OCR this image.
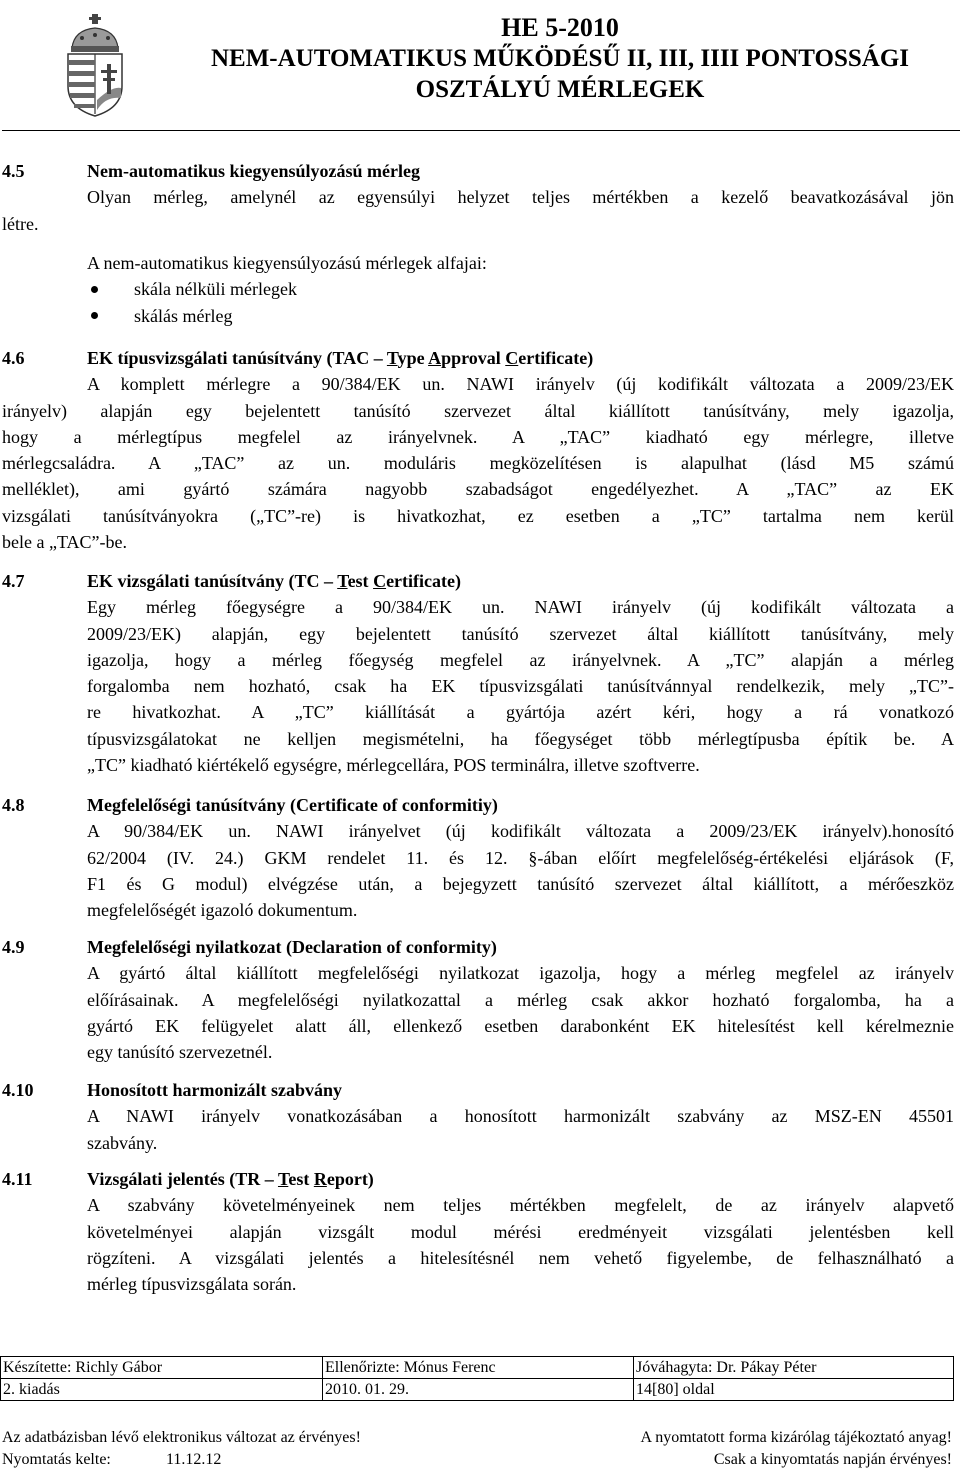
HE 5-2010
NEM-AUTOMATIKUS MŰKÖDÉSŰ II, III, IIII PONTOSSÁGI
OSZTÁLYÚ MÉRLEGEK
4.5	Nem-automatikus kiegyensúlyozású mérleg
Olyan mérleg, amelynél az egyensúlyi helyzet teljes mértékben a kezelő beavatkozásával jön
létre.
A nem-automatikus kiegyensúlyozású mérlegek alfajai:
skála nélküli mérlegek
skálás mérleg
4.6	EK típusvizsgálati tanúsítvány (TAC – Type Approval Certificate)
A komplett mérlegre a 90/384/EK un. NAWI irányelv (új kodifikált változata a 2009/23/EK
irányelv) alapján egy bejelentett tanúsító szervezet által kiállított tanúsítvány, mely igazolja,
hogy a mérlegtípus megfelel az irányelvnek. A „TAC” kiadható egy mérlegre, illetve
mérlegcsaládra. A „TAC” az un. moduláris megközelítésen is alapulhat (lásd M5 számú
melléklet), ami gyártó számára nagyobb szabadságot engedélyezhet. A „TAC” az EK
vizsgálati tanúsítványokra („TC”-re) is hivatkozhat, ez esetben a „TC” tartalma nem kerül
bele a „TAC”-be.
4.7	EK vizsgálati tanúsítvány (TC – Test Certificate)
Egy mérleg főegységre a 90/384/EK un. NAWI irányelv (új kodifikált változata a
2009/23/EK) alapján, egy bejelentett tanúsító szervezet által kiállított tanúsítvány, mely
igazolja, hogy a mérleg főegység megfelel az irányelvnek. A „TC” alapján a mérleg
forgalomba nem hozható, csak ha EK típusvizsgálati tanúsítvánnyal rendelkezik, mely „TC”-
re hivatkozhat. A „TC” kiállítását a gyártója azért kéri, hogy a rá vonatkozó
típusvizsgálatokat ne kelljen megismételni, ha főegységet több mérlegtípusba építik be. A
„TC” kiadható kiértékelő egységre, mérlegcellára, POS terminálra, illetve szoftverre.
4.8	Megfelelőségi tanúsítvány (Certificate of conformitiy)
A 90/384/EK un. NAWI irányelvet (új kodifikált változata a 2009/23/EK irányelv).honosító
62/2004 (IV. 24.) GKM rendelet 11. és 12. §-ában előírt megfelelőség-értékelési eljárások (F,
F1 és G modul) elvégzése után, a bejegyzett tanúsító szervezet által kiállított, a mérőeszköz
megfelelőségét igazoló dokumentum.
4.9	Megfelelőségi nyilatkozat (Declaration of conformity)
A gyártó által kiállított megfelelőségi nyilatkozat igazolja, hogy a mérleg megfelel az irányelv
előírásainak. A megfelelőségi nyilatkozattal a mérleg csak akkor hozható forgalomba, ha a
gyártó EK felügyelet alatt áll, ellenkező esetben darabonként EK hitelesítést kell kérelmeznie
egy tanúsító szervezetnél.
4.10	Honosított harmonizált szabvány
A NAWI irányelv vonatkozásában a honosított harmonizált szabvány az MSZ-EN 45501
szabvány.
4.11	Vizsgálati jelentés (TR – Test Report)
A szabvány követelményeinek nem teljes mértékben megfelelt, de az irányelv alapvető
követelményei alapján vizsgált modul mérési eredményeit vizsgálati jelentésben kell
rögzíteni. A vizsgálati jelentés a hitelesítésnél nem vehető figyelembe, de felhasználható a
mérleg típusvizsgálata során.
Készítette: Richly Gábor	Ellenőrizte: Mónus Ferenc	Jóváhagyta: Dr. Pákay Péter
2. kiadás	2010. 01. 29.	14[80] oldal
Az adatbázisban lévő elektronikus változat az érvényes!	A nyomtatott forma kizárólag tájékoztató anyag!
Nyomtatás kelte:	11.12.12	Csak a kinyomtatás napján érvényes!
